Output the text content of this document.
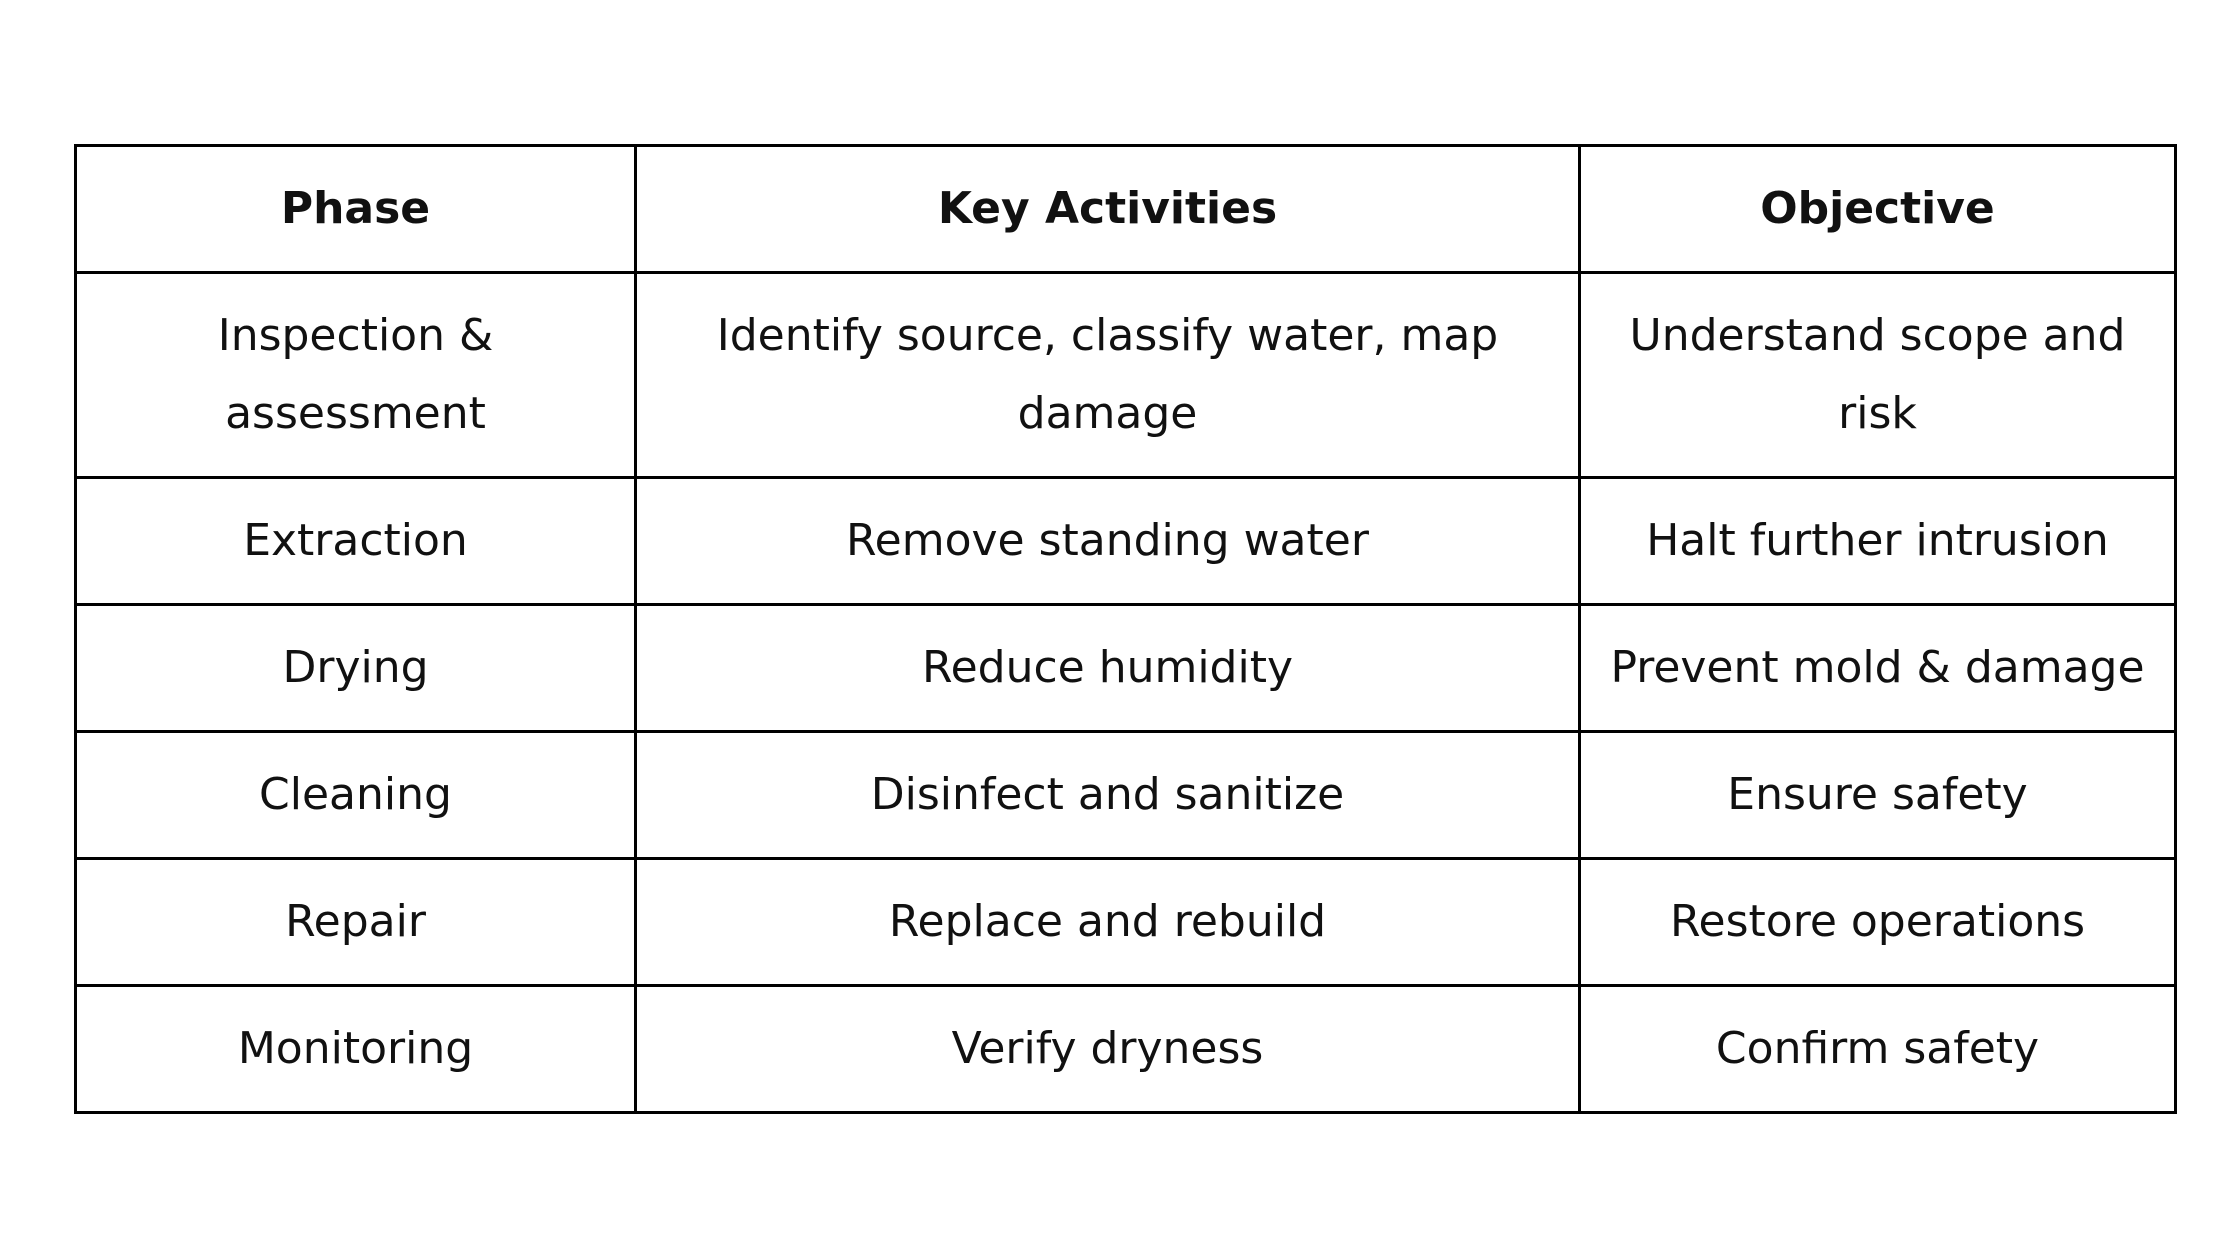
Phase	Key Activities	Objective

Inspection & assessment	Identify source, classify water, map damage	Understand scope and risk

Extraction	Remove standing water	Halt further intrusion
Drying	Reduce humidity	Prevent mold & damage
Cleaning	Disinfect and sanitize	Ensure safety
Repair	Replace and rebuild	Restore operations
Monitoring	Verify dryness	Confirm safety
